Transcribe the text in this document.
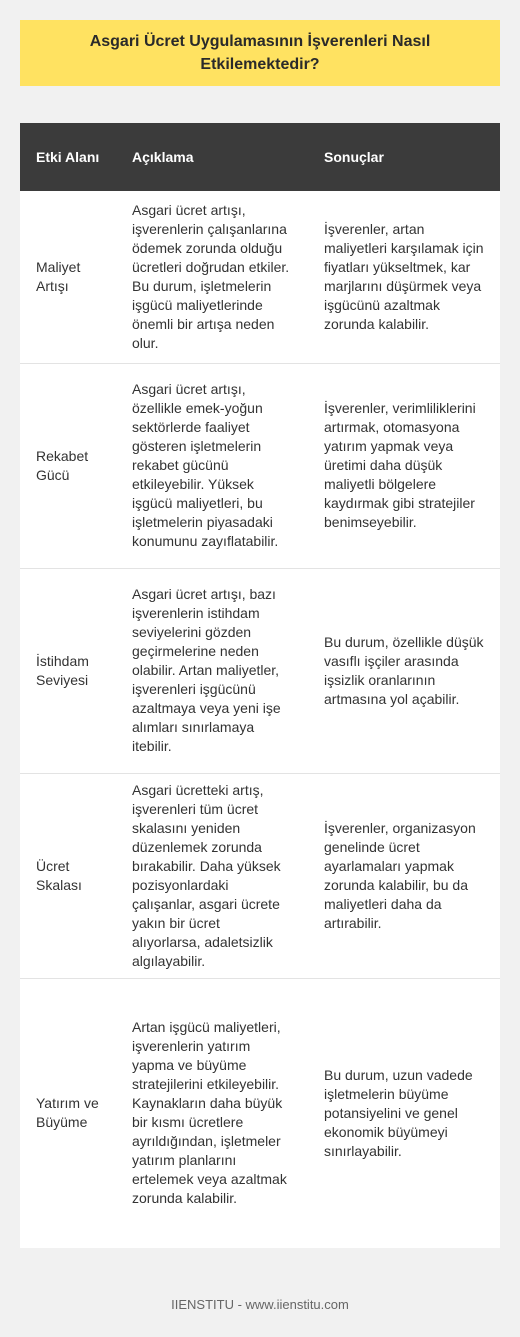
Asgari Ücret Uygulamasının İşverenleri Nasıl Etkilemektedir?
Etki Alanı	Açıklama	Sonuçlar
Maliyet Artışı	Asgari ücret artışı, işverenlerin çalışanlarına ödemek zorunda olduğu ücretleri doğrudan etkiler. Bu durum, işletmelerin işgücü maliyetlerinde önemli bir artışa neden olur.	İşverenler, artan maliyetleri karşılamak için fiyatları yükseltmek, kar marjlarını düşürmek veya işgücünü azaltmak zorunda kalabilir.
Rekabet Gücü	Asgari ücret artışı, özellikle emek-yoğun sektörlerde faaliyet gösteren işletmelerin rekabet gücünü etkileyebilir. Yüksek işgücü maliyetleri, bu işletmelerin piyasadaki konumunu zayıflatabilir.	İşverenler, verimliliklerini artırmak, otomasyona yatırım yapmak veya üretimi daha düşük maliyetli bölgelere kaydırmak gibi stratejiler benimseyebilir.
İstihdam Seviyesi	Asgari ücret artışı, bazı işverenlerin istihdam seviyelerini gözden geçirmelerine neden olabilir. Artan maliyetler, işverenleri işgücünü azaltmaya veya yeni işe alımları sınırlamaya itebilir.	Bu durum, özellikle düşük vasıflı işçiler arasında işsizlik oranlarının artmasına yol açabilir.
Ücret Skalası	Asgari ücretteki artış, işverenleri tüm ücret skalasını yeniden düzenlemek zorunda bırakabilir. Daha yüksek pozisyonlardaki çalışanlar, asgari ücrete yakın bir ücret alıyorlarsa, adaletsizlik algılayabilir.	İşverenler, organizasyon genelinde ücret ayarlamaları yapmak zorunda kalabilir, bu da maliyetleri daha da artırabilir.
Yatırım ve Büyüme	Artan işgücü maliyetleri, işverenlerin yatırım yapma ve büyüme stratejilerini etkileyebilir. Kaynakların daha büyük bir kısmı ücretlere ayrıldığından, işletmeler yatırım planlarını ertelemek veya azaltmak zorunda kalabilir.	Bu durum, uzun vadede işletmelerin büyüme potansiyelini ve genel ekonomik büyümeyi sınırlayabilir.
IIENSTITU - www.iienstitu.com
